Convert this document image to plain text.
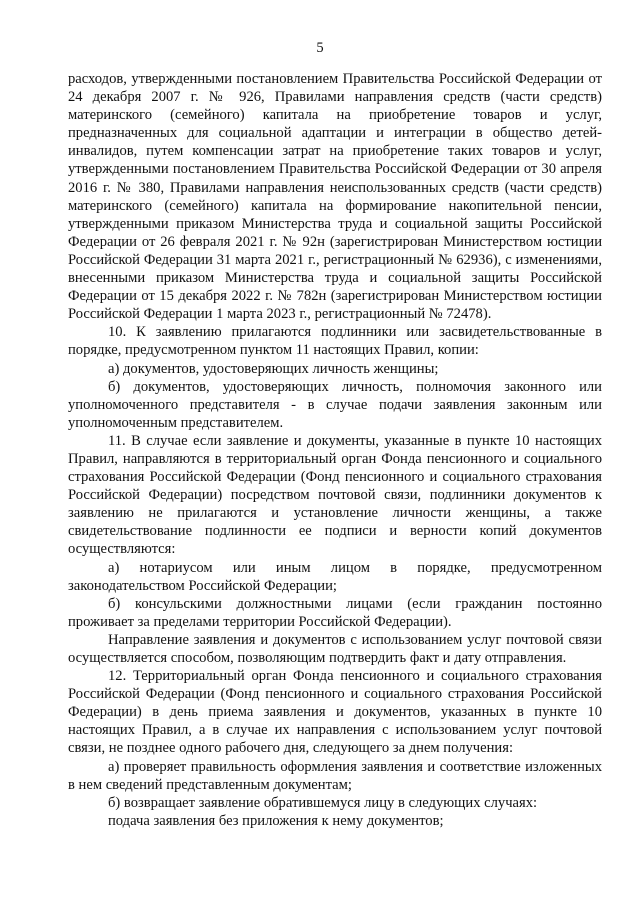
5

расходов, утвержденными постановлением Правительства Российской Федерации от 24 декабря 2007 г. № 926, Правилами направления средств (части средств) материнского (семейного) капитала на приобретение товаров и услуг, предназначенных для социальной адаптации и интеграции в общество детей-инвалидов, путем компенсации затрат на приобретение таких товаров и услуг, утвержденными постановлением Правительства Российской Федерации от 30 апреля 2016 г. № 380, Правилами направления неиспользованных средств (части средств) материнского (семейного) капитала на формирование накопительной пенсии, утвержденными приказом Министерства труда и социальной защиты Российской Федерации от 26 февраля 2021 г. № 92н (зарегистрирован Министерством юстиции Российской Федерации 31 марта 2021 г., регистрационный № 62936), с изменениями, внесенными приказом Министерства труда и социальной защиты Российской Федерации от 15 декабря 2022 г. № 782н (зарегистрирован Министерством юстиции Российской Федерации 1 марта 2023 г., регистрационный № 72478).

10. К заявлению прилагаются подлинники или засвидетельствованные в порядке, предусмотренном пунктом 11 настоящих Правил, копии:

а) документов, удостоверяющих личность женщины;

б) документов, удостоверяющих личность, полномочия законного или уполномоченного представителя - в случае подачи заявления законным или уполномоченным представителем.

11. В случае если заявление и документы, указанные в пункте 10 настоящих Правил, направляются в территориальный орган Фонда пенсионного и социального страхования Российской Федерации (Фонд пенсионного и социального страхования Российской Федерации) посредством почтовой связи, подлинники документов к заявлению не прилагаются и установление личности женщины, а также свидетельствование подлинности ее подписи и верности копий документов осуществляются:

а) нотариусом или иным лицом в порядке, предусмотренном законодательством Российской Федерации;

б) консульскими должностными лицами (если гражданин постоянно проживает за пределами территории Российской Федерации).

Направление заявления и документов с использованием услуг почтовой связи осуществляется способом, позволяющим подтвердить факт и дату отправления.

12. Территориальный орган Фонда пенсионного и социального страхования Российской Федерации (Фонд пенсионного и социального страхования Российской Федерации) в день приема заявления и документов, указанных в пункте 10 настоящих Правил, а в случае их направления с использованием услуг почтовой связи, не позднее одного рабочего дня, следующего за днем получения:

а) проверяет правильность оформления заявления и соответствие изложенных в нем сведений представленным документам;

б) возвращает заявление обратившемуся лицу в следующих случаях:

подача заявления без приложения к нему документов;
